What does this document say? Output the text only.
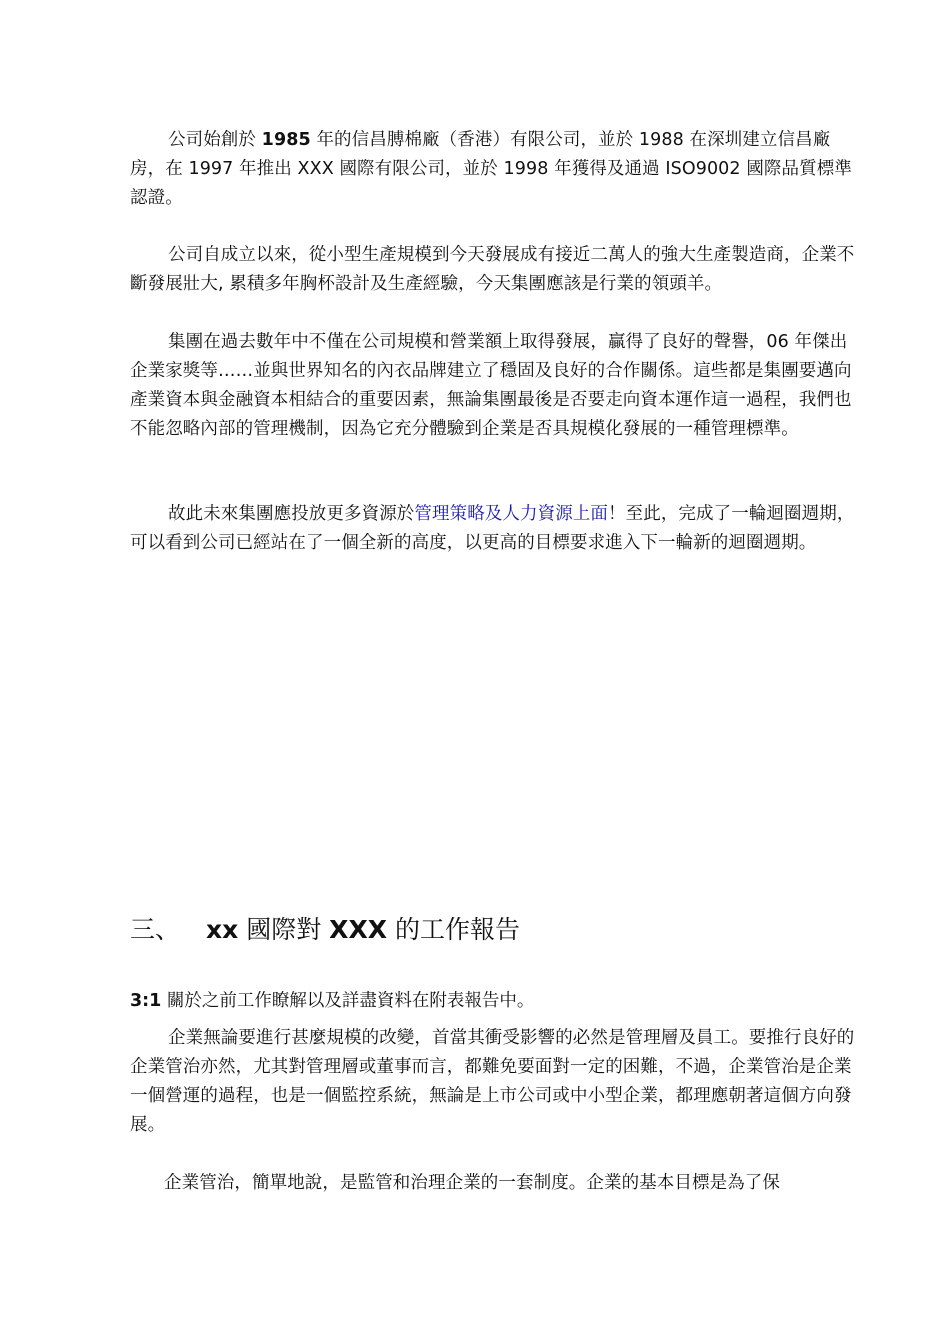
公司始創於 1985 年的信昌膊棉廠（香港）有限公司，並於 1988 在深圳建立信昌廠房，在 1997 年推出 XXX 國際有限公司，並於 1998 年獲得及通過 ISO9002 國際品質標準認證。

公司自成立以來，從小型生產規模到今天發展成有接近二萬人的強大生產製造商，企業不斷發展壯大, 累積多年胸杯設計及生產經驗，今天集團應該是行業的領頭羊。

集團在過去數年中不僅在公司規模和營業額上取得發展，贏得了良好的聲譽，06 年傑出企業家獎等……並與世界知名的內衣品牌建立了穩固及良好的合作關係。這些都是集團要邁向產業資本與金融資本相結合的重要因素，無論集團最後是否要走向資本運作這一過程，我們也不能忽略內部的管理機制，因為它充分體驗到企業是否具規模化發展的一種管理標準。

故此未來集團應投放更多資源於管理策略及人力資源上面！至此，完成了一輪迴圈週期，可以看到公司已經站在了一個全新的高度，以更高的目標要求進入下一輪新的迴圈週期。

三、 xx 國際對 XXX 的工作報告

3:1 關於之前工作瞭解以及詳盡資料在附表報告中。

企業無論要進行甚麼規模的改變，首當其衝受影響的必然是管理層及員工。要推行良好的企業管治亦然，尤其對管理層或董事而言，都難免要面對一定的困難，不過，企業管治是企業一個營運的過程，也是一個監控系統，無論是上市公司或中小型企業，都理應朝著這個方向發展。

企業管治，簡單地說，是監管和治理企業的一套制度。企業的基本目標是為了保
